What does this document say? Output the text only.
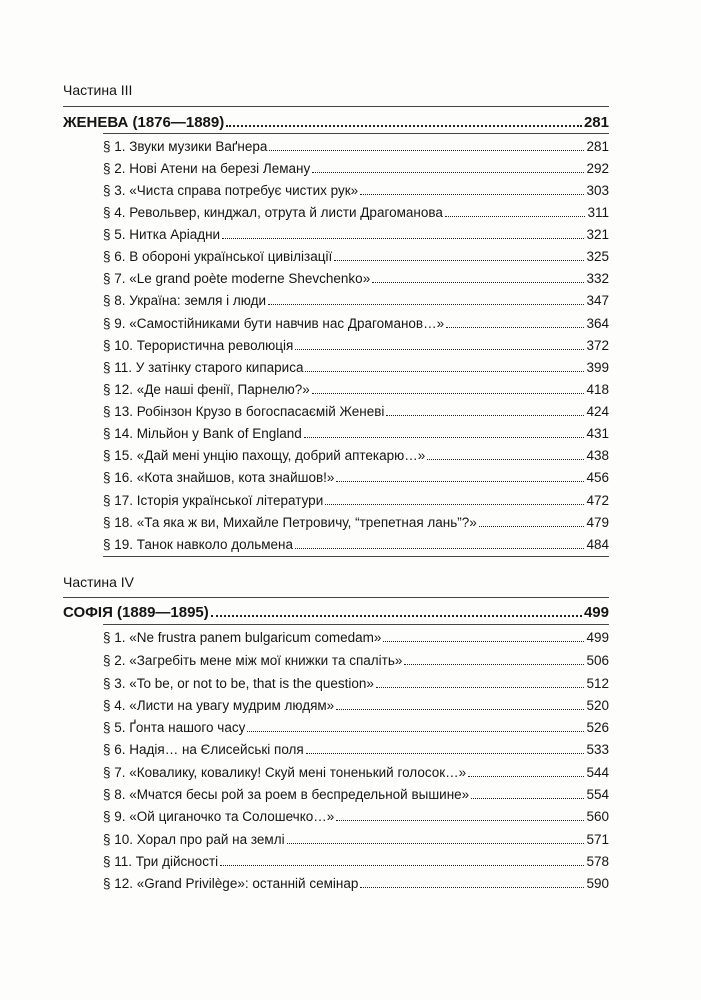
Частина III
ЖЕНЕВА (1876—1889)	281
§ 1. Звуки музики Ваґнера	281
§ 2. Нові Атени на березі Леману	292
§ 3. «Чиста справа потребує чистих рук»	303
§ 4. Револьвер, кинджал, отрута й листи Драгоманова	311
§ 5. Нитка Аріадни	321
§ 6. В обороні української цивілізації	325
§ 7. «Le grand poète moderne Shevchenko»	332
§ 8. Україна: земля і люди	347
§ 9. «Самостійниками бути навчив нас Драгоманов…»	364
§ 10. Терористична революція	372
§ 11. У затінку старого кипариса	399
§ 12. «Де наші фенії, Парнелю?»	418
§ 13. Робінзон Крузо в богоспасаємій Женеві	424
§ 14. Мільйон у Bank of England	431
§ 15. «Дай мені унцію пахощу, добрий аптекарю…»	438
§ 16. «Кота знайшов, кота знайшов!»	456
§ 17. Історія української літератури	472
§ 18. «Та яка ж ви, Михайле Петровичу, “трепетная лань”?»	479
§ 19. Танок навколо дольмена	484
Частина IV
СОФІЯ (1889—1895)	499
§ 1. «Ne frustra panem bulgaricum comedam»	499
§ 2. «Загребіть мене між мої книжки та спаліть»	506
§ 3. «To be, or not to be, that is the question»	512
§ 4. «Листи на увагу мудрим людям»	520
§ 5. Ґонта нашого часу	526
§ 6. Надія… на Єлисейські поля	533
§ 7. «Ковалику, ковалику! Скуй мені тоненький голосок…»	544
§ 8. «Мчатся бесы рой за роем в беспредельной вышине»	554
§ 9. «Ой циганочко та Солошечко…»	560
§ 10. Хорал про рай на землі	571
§ 11. Три дійсності	578
§ 12. «Grand Privilège»: останній семінар	590
